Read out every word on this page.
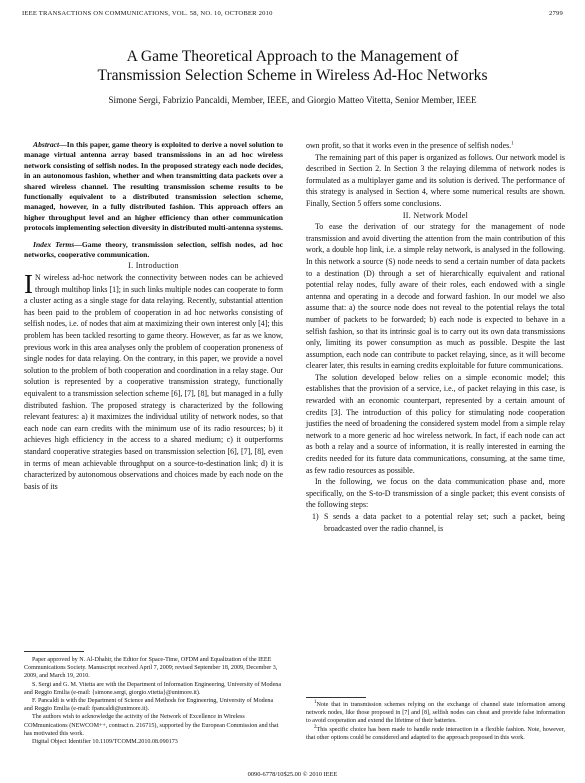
IEEE TRANSACTIONS ON COMMUNICATIONS, VOL. 58, NO. 10, OCTOBER 2010	2799
A Game Theoretical Approach to the Management of
Transmission Selection Scheme in Wireless Ad-Hoc Networks
Simone Sergi, Fabrizio Pancaldi, Member, IEEE, and Giorgio Matteo Vitetta, Senior Member, IEEE

Abstract—In this paper, game theory is exploited to derive a novel solution to manage virtual antenna array based transmissions in an ad hoc wireless network consisting of selfish nodes. In the proposed strategy each node decides, in an autonomous fashion, whether and when transmitting data packets over a shared wireless channel. The resulting transmission scheme results to be functionally equivalent to a distributed transmission selection scheme, managed, however, in a fully distributed fashion. This approach offers an higher throughput level and an higher efficiency than other communication protocols implementing selection diversity in distributed multi-antenna systems.

Index Terms—Game theory, transmission selection, selfish nodes, ad hoc networks, cooperative communication.

I. Introduction

I N wireless ad-hoc network the connectivity between nodes can be achieved through multihop links [1]; in such links multiple nodes can cooperate to form a cluster acting as a single stage for data relaying. Recently, substantial attention has been paid to the problem of cooperation in ad hoc networks consisting of selfish nodes, i.e. of nodes that aim at maximizing their own interest only [4]; this problem has been tackled resorting to game theory. However, as far as we know, previous work in this area analyses only the problem of cooperation proneness of single nodes for data relaying. On the contrary, in this paper, we provide a novel solution to the problem of both cooperation and coordination in a relay stage. Our solution is represented by a cooperative transmission strategy, functionally equivalent to a transmission selection scheme [6], [7], [8], but managed in a fully distributed fashion. The proposed strategy is characterized by the following relevant features: a) it maximizes the individual utility of network nodes, so that each node can earn credits with the minimum use of its radio resources; b) it achieves high efficiency in the access to a shared medium; c) it outperforms standard cooperative strategies based on transmission selection [6], [7], [8], even in terms of mean achievable throughput on a source-to-destination link; d) it is characterized by autonomous observations and choices made by each node on the basis of its

Paper approved by N. Al-Dhahir, the Editor for Space-Time, OFDM and Equalization of the IEEE Communications Society. Manuscript received April 7, 2009; revised September 18, 2009, December 3, 2009, and March 19, 2010.

S. Sergi and G. M. Vitetta are with the Department of Information Engineering, University of Modena and Reggio Emilia (e-mail: {simone.sergi, giorgio.vitetta}@unimore.it).

F. Pancaldi is with the Department of Science and Methods for Engineering, University of Modena and Reggio Emilia (e-mail: fpancaldi@unimore.it).

The authors wish to acknowledge the activity of the Network of Excellence in Wireless COMmunications (NEWCOM++, contract n. 216715), supported by the European Commission and that has motivated this work.

Digital Object Identifier 10.1109/TCOMM.2010.08.090173

own profit, so that it works even in the presence of selfish nodes.$^1$

The remaining part of this paper is organized as follows. Our network model is described in Section 2. In Section 3 the relaying dilemma of network nodes is formulated as a multiplayer game and its solution is derived. The performance of this strategy is analysed in Section 4, where some numerical results are shown. Finally, Section 5 offers some conclusions.

II. Network Model

To ease the derivation of our strategy for the management of node transmission and avoid diverting the attention from the main contribution of this work, a double hop link, i.e. a simple relay network, is analysed in the following. In this network a source (S) node needs to send a certain number of data packets to a destination (D) through a set of hierarchically equivalent and rational potential relay nodes, fully aware of their roles, each endowed with a single antenna and operating in a decode and forward fashion. In our model we also assume that: a) the source node does not reveal to the potential relays the total number of packets to be forwarded; b) each node is expected to behave in a selfish fashion, so that its intrinsic goal is to carry out its own data transmissions only, limiting its power consumption as much as possible. Despite the last assumption, each node can contribute to packet relaying, since, as it will become clearer later, this results in earning credits exploitable for future communications.

The solution developed below relies on a simple economic model; this establishes that the provision of a service, i.e., of packet relaying in this case, is rewarded with an economic counterpart, represented by a certain amount of credits [3]. The introduction of this policy for stimulating node cooperation justifies the need of broadening the considered system model from a simple relay network to a more generic ad hoc wireless network. In fact, if each node can act as both a relay and a source of information, it is really interested in earning the credits needed for its future data communications, consuming, at the same time, as few radio resources as possible.

In the following, we focus on the data communication phase and, more specifically, on the S-to-D transmission of a single packet; this event consists of the following steps:

1) S sends a data packet to a potential relay set; such a packet, being broadcasted over the radio channel, is

$^1$Note that in transmission schemes relying on the exchange of channel state information among network nodes, like those proposed in [7] and [8], selfish nodes can cheat and provide false information to avoid cooperation and extend the lifetime of their batteries.

$^2$This specific choice has been made to handle node interaction in a flexible fashion. Note, however, that other options could be considered and adapted to the approach proposed in this work.

0090-6778/10$25.00 © 2010 IEEE
